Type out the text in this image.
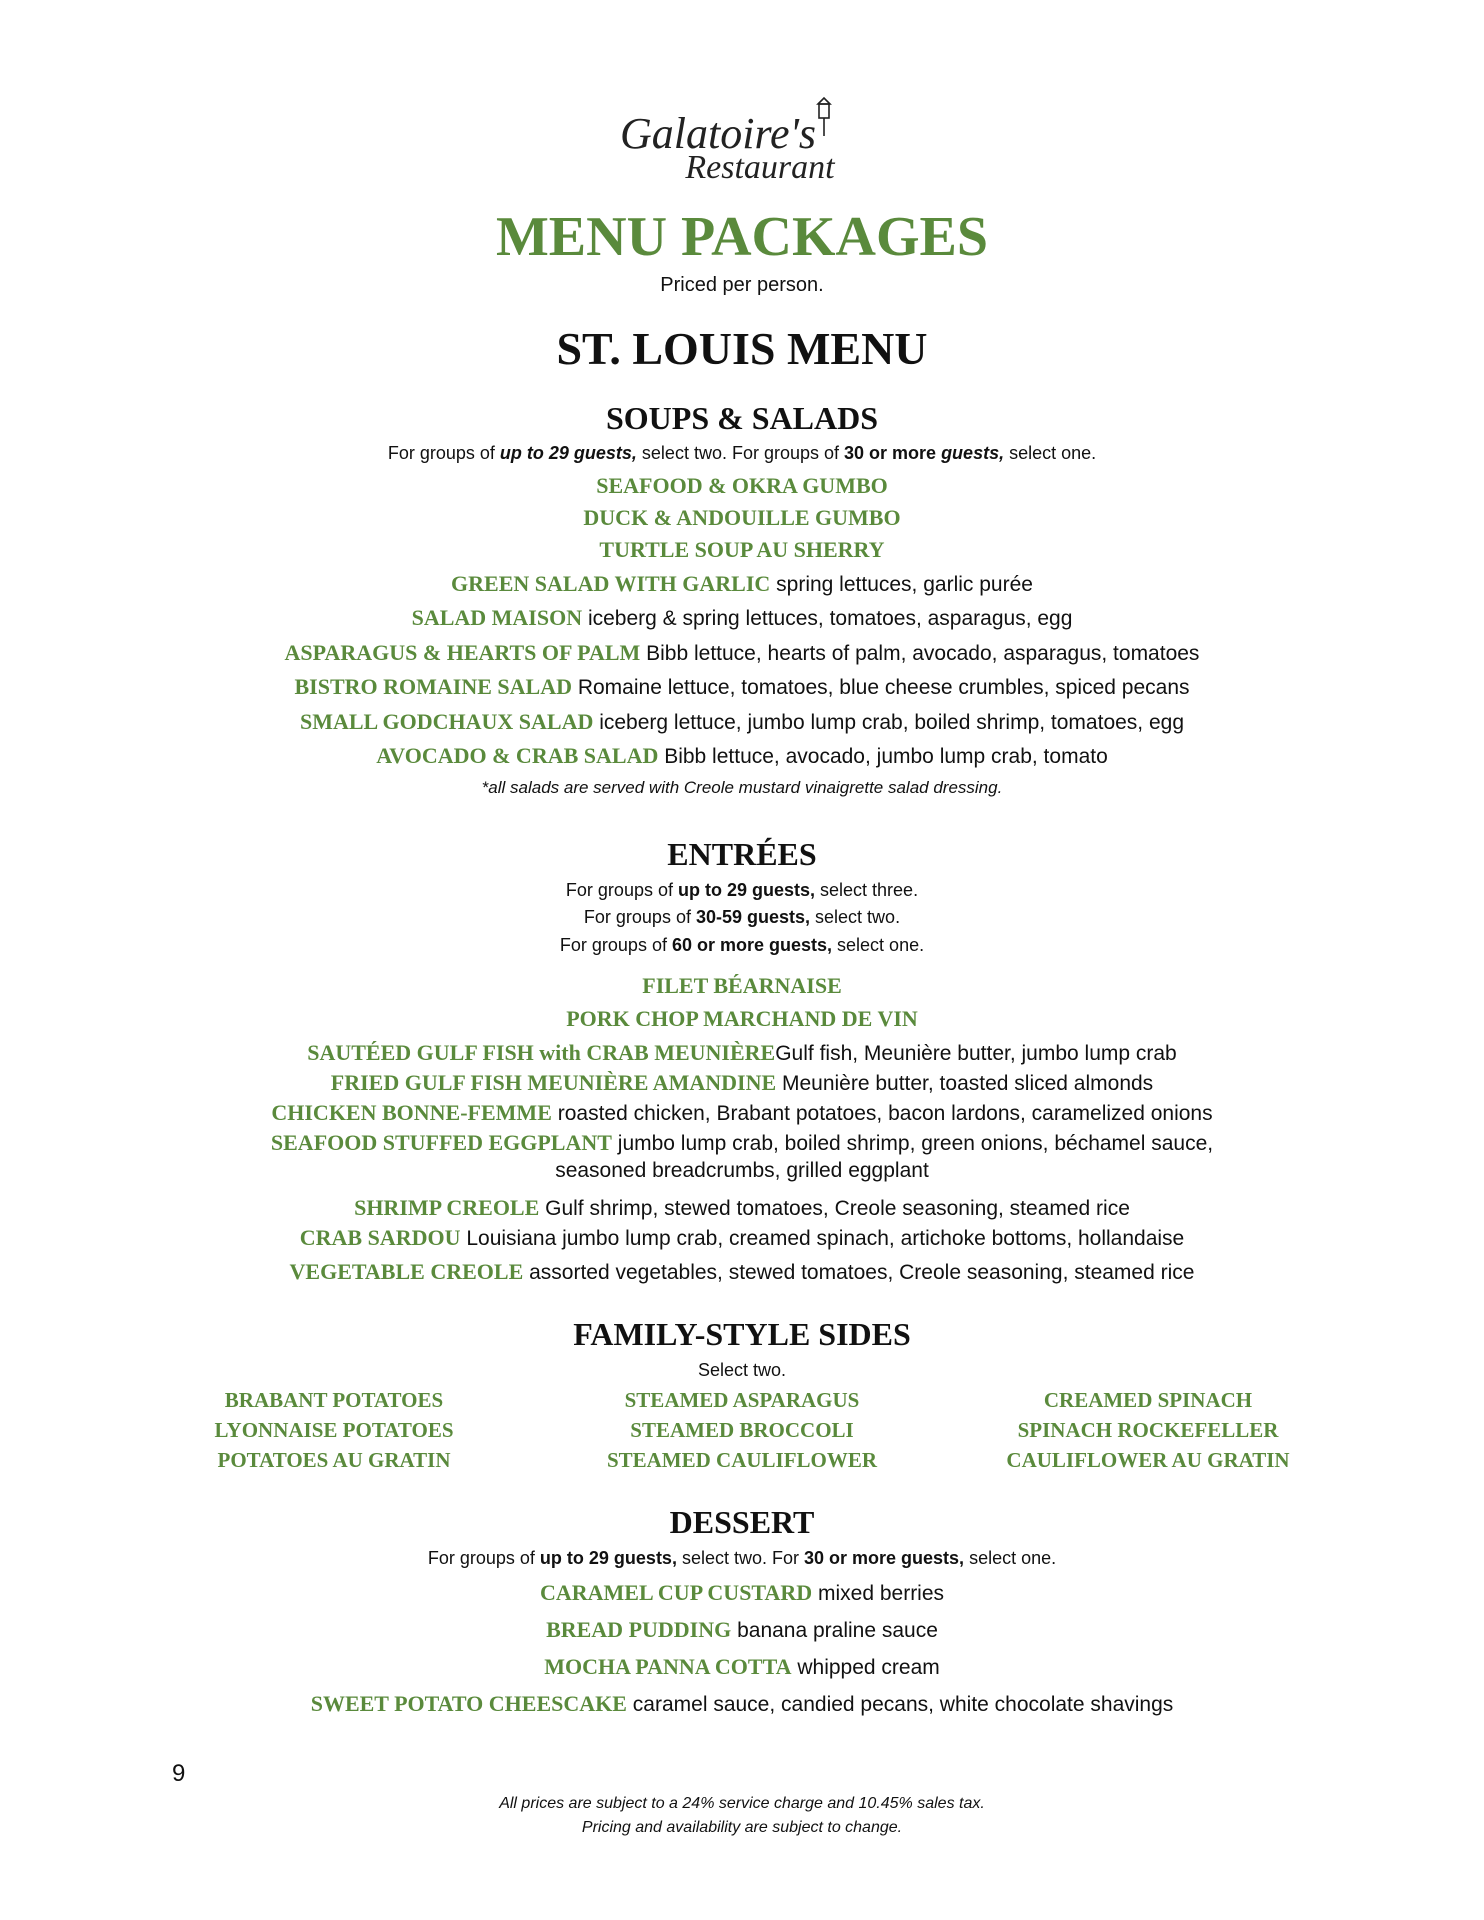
Galatoire's
Restaurant
MENU PACKAGES
Priced per person.
ST. LOUIS MENU
SOUPS & SALADS
For groups of up to 29 guests, select two. For groups of 30 or more guests, select one.
SEAFOOD & OKRA GUMBO
DUCK & ANDOUILLE GUMBO
TURTLE SOUP AU SHERRY
GREEN SALAD WITH GARLIC spring lettuces, garlic purée
SALAD MAISON iceberg & spring lettuces, tomatoes, asparagus, egg
ASPARAGUS & HEARTS OF PALM Bibb lettuce, hearts of palm, avocado, asparagus, tomatoes
BISTRO ROMAINE SALAD Romaine lettuce, tomatoes, blue cheese crumbles, spiced pecans
SMALL GODCHAUX SALAD iceberg lettuce, jumbo lump crab, boiled shrimp, tomatoes, egg
AVOCADO & CRAB SALAD Bibb lettuce, avocado, jumbo lump crab, tomato
*all salads are served with Creole mustard vinaigrette salad dressing.
ENTRÉES
For groups of up to 29 guests, select three.
For groups of 30-59 guests, select two.
For groups of 60 or more guests, select one.
FILET BÉARNAISE
PORK CHOP MARCHAND DE VIN
SAUTÉED GULF FISH with CRAB MEUNIÈREGulf fish, Meunière butter, jumbo lump crab
FRIED GULF FISH MEUNIÈRE AMANDINE Meunière butter, toasted sliced almonds
CHICKEN BONNE-FEMME roasted chicken, Brabant potatoes, bacon lardons, caramelized onions
SEAFOOD STUFFED EGGPLANT jumbo lump crab, boiled shrimp, green onions, béchamel sauce,
seasoned breadcrumbs, grilled eggplant
SHRIMP CREOLE Gulf shrimp, stewed tomatoes, Creole seasoning, steamed rice
CRAB SARDOU Louisiana jumbo lump crab, creamed spinach, artichoke bottoms, hollandaise
VEGETABLE CREOLE assorted vegetables, stewed tomatoes, Creole seasoning, steamed rice
FAMILY-STYLE SIDES
Select two.
BRABANT POTATOES
LYONNAISE POTATOES
POTATOES AU GRATIN
STEAMED ASPARAGUS
STEAMED BROCCOLI
STEAMED CAULIFLOWER
CREAMED SPINACH
SPINACH ROCKEFELLER
CAULIFLOWER AU GRATIN
DESSERT
For groups of up to 29 guests, select two. For 30 or more guests, select one.
CARAMEL CUP CUSTARD mixed berries
BREAD PUDDING banana praline sauce
MOCHA PANNA COTTA whipped cream
SWEET POTATO CHEESCAKE caramel sauce, candied pecans, white chocolate shavings
9
All prices are subject to a 24% service charge and 10.45% sales tax.
Pricing and availability are subject to change.
